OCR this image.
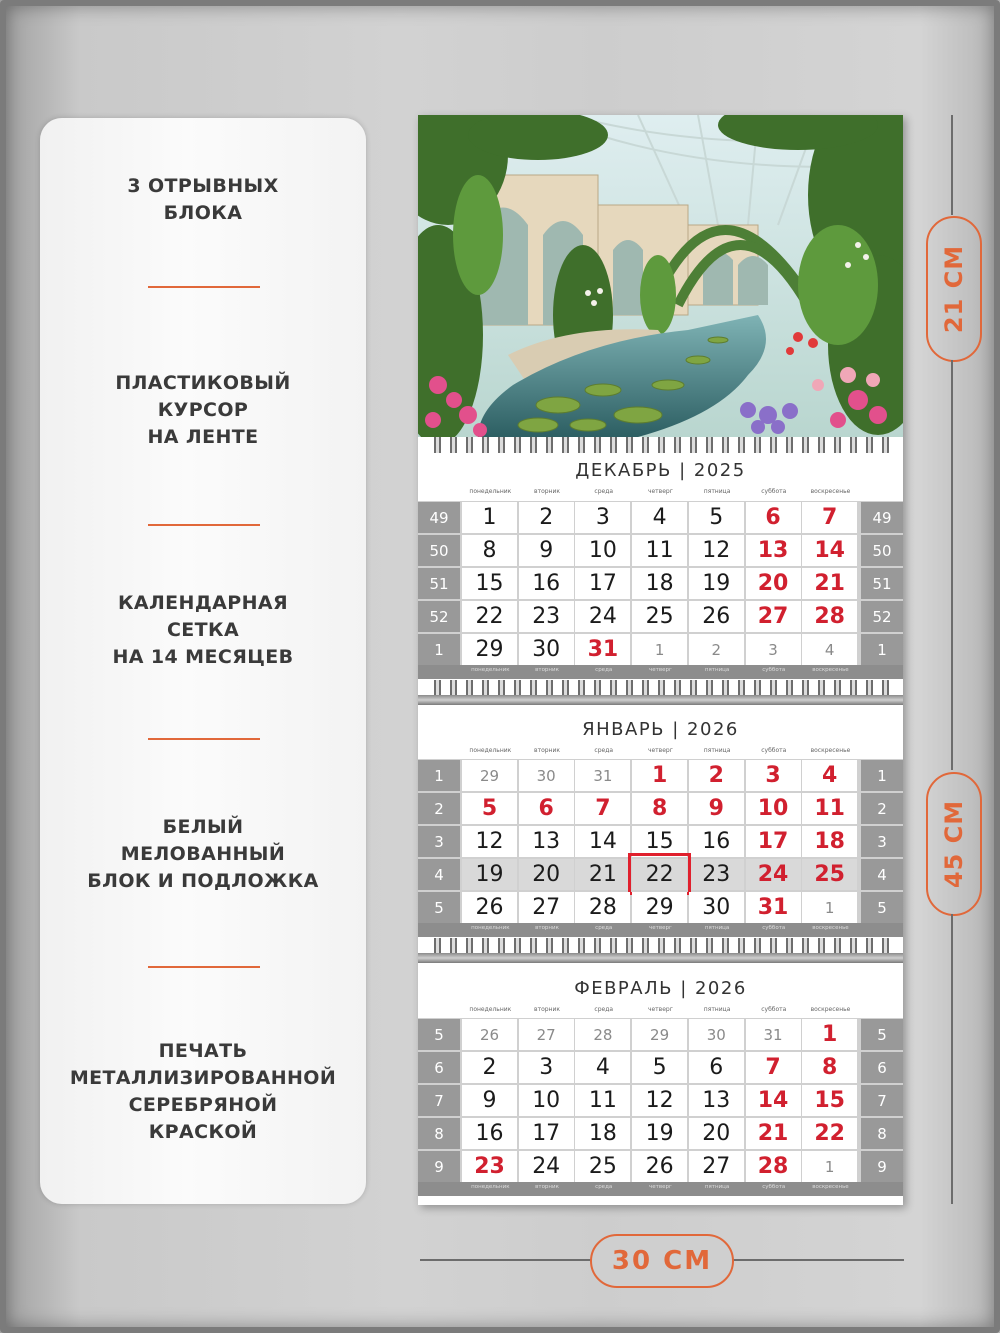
3 ОТРЫВНЫХ
БЛОКА
ПЛАСТИКОВЫЙ
КУРСОР
НА ЛЕНТЕ
КАЛЕНДАРНАЯ
СЕТКА
НА 14 МЕСЯЦЕВ
БЕЛЫЙ
МЕЛОВАННЫЙ
БЛОК И ПОДЛОЖКА
ПЕЧАТЬ
МЕТАЛЛИЗИРОВАННОЙ
СЕРЕБРЯНОЙ
КРАСКОЙ
ДЕКАБРЬ | 2025
понедельник	вторник	среда	четверг	пятница	суббота	воскресенье
49	1	2	3	4	5	6	7	49
50	8	9	10	11	12	13	14	50
51	15	16	17	18	19	20	21	51
52	22	23	24	25	26	27	28	52
1	29	30	31	1	2	3	4	1
понедельник	вторник	среда	четверг	пятница	суббота	воскресенье
ЯНВАРЬ | 2026
понедельник	вторник	среда	четверг	пятница	суббота	воскресенье
1	29	30	31	1	2	3	4	1
2	5	6	7	8	9	10	11	2
3	12	13	14	15	16	17	18	3
4	19	20	21	22	23	24	25	4
5	26	27	28	29	30	31	1	5
понедельник	вторник	среда	четверг	пятница	суббота	воскресенье
ФЕВРАЛЬ | 2026
понедельник	вторник	среда	четверг	пятница	суббота	воскресенье
5	26	27	28	29	30	31	1	5
6	2	3	4	5	6	7	8	6
7	9	10	11	12	13	14	15	7
8	16	17	18	19	20	21	22	8
9	23	24	25	26	27	28	1	9
понедельник	вторник	среда	четверг	пятница	суббота	воскресенье
21 СМ
45 СМ
30 СМ
